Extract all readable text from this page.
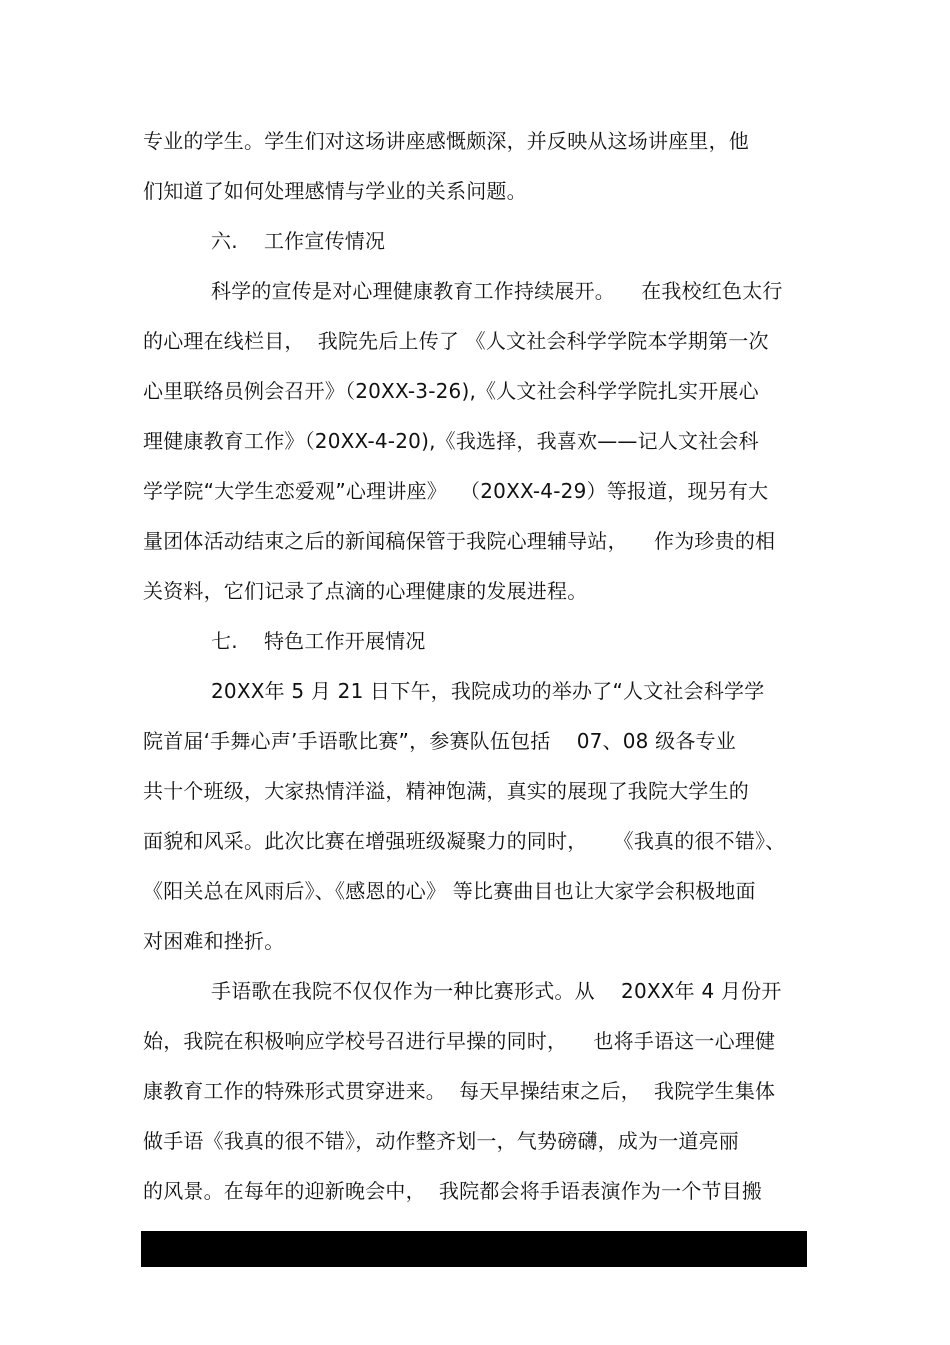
专业的学生。学生们对这场讲座感慨颇深，并反映从这场讲座里，他
们知道了如何处理感情与学业的关系问题。
六.    工作宣传情况
科学的宣传是对心理健康教育工作持续展开。    在我校红色太行
的心理在线栏目，  我院先后上传了 《人文社会科学学院本学期第一次
心里联络员例会召开》（20XX-3-26),《人文社会科学学院扎实开展心
理健康教育工作》（20XX-4-20),《我选择，我喜欢——记人文社会科
学学院“大学生恋爱观”心理讲座》  （20XX-4-29）等报道，现另有大
量团体活动结束之后的新闻稿保管于我院心理辅导站，    作为珍贵的相
关资料，它们记录了点滴的心理健康的发展进程。
七.    特色工作开展情况
20XX年 5 月 21 日下午，我院成功的举办了“人文社会科学学
院首届‘手舞心声’手语歌比赛”，参赛队伍包括    07、08 级各专业
共十个班级，大家热情洋溢，精神饱满，真实的展现了我院大学生的
面貌和风采。此次比赛在增强班级凝聚力的同时，    《我真的很不错》、
《阳关总在风雨后》、《感恩的心》 等比赛曲目也让大家学会积极地面
对困难和挫折。
手语歌在我院不仅仅作为一种比赛形式。从    20XX年 4 月份开
始，我院在积极响应学校号召进行早操的同时，    也将手语这一心理健
康教育工作的特殊形式贯穿进来。  每天早操结束之后，  我院学生集体
做手语《我真的很不错》，动作整齐划一，气势磅礴，成为一道亮丽
的风景。在每年的迎新晚会中，  我院都会将手语表演作为一个节目搬
